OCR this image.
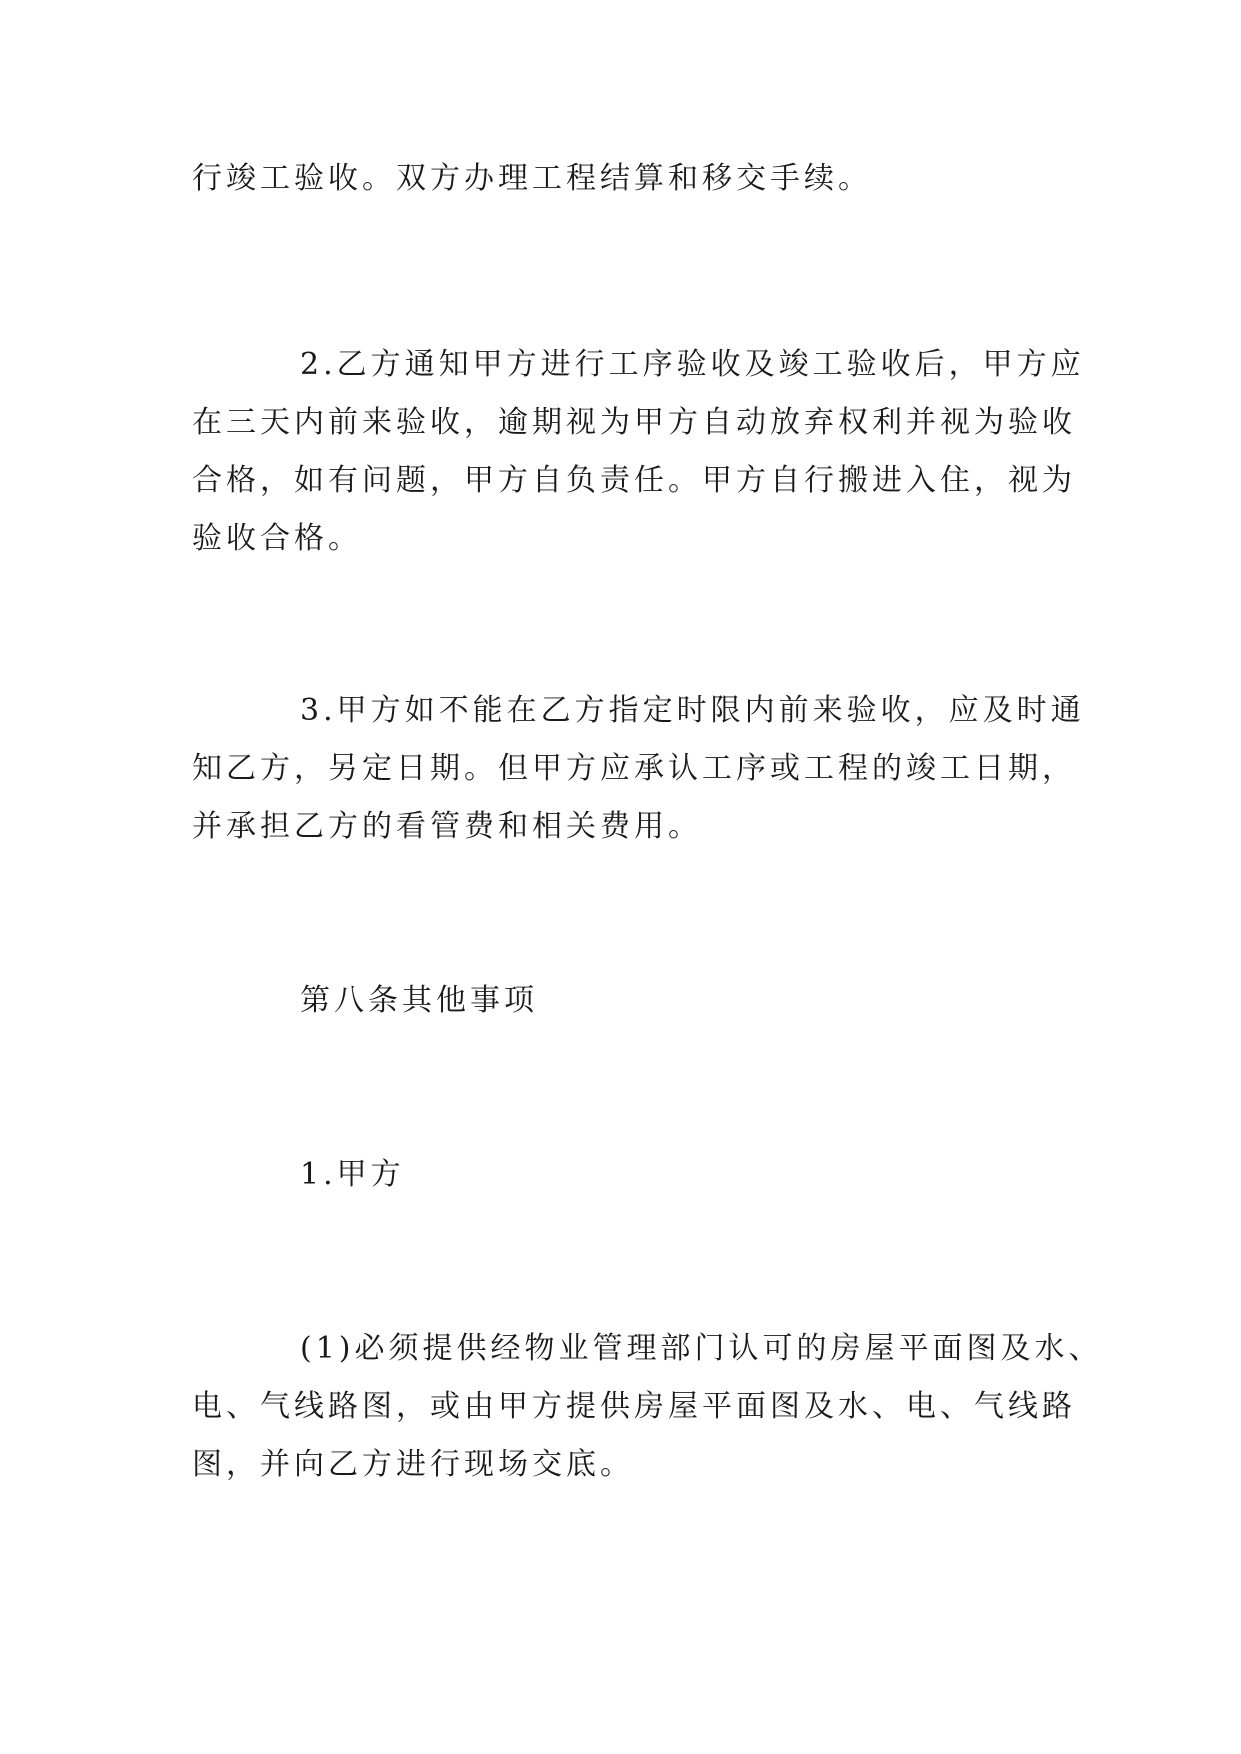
行竣工验收。双方办理工程结算和移交手续。

2.乙方通知甲方进行工序验收及竣工验收后，甲方应
在三天内前来验收，逾期视为甲方自动放弃权利并视为验收
合格，如有问题，甲方自负责任。甲方自行搬进入住，视为
验收合格。

3.甲方如不能在乙方指定时限内前来验收，应及时通
知乙方，另定日期。但甲方应承认工序或工程的竣工日期，
并承担乙方的看管费和相关费用。

第八条其他事项

1.甲方

(1)必须提供经物业管理部门认可的房屋平面图及水、
电、气线路图，或由甲方提供房屋平面图及水、电、气线路
图，并向乙方进行现场交底。
